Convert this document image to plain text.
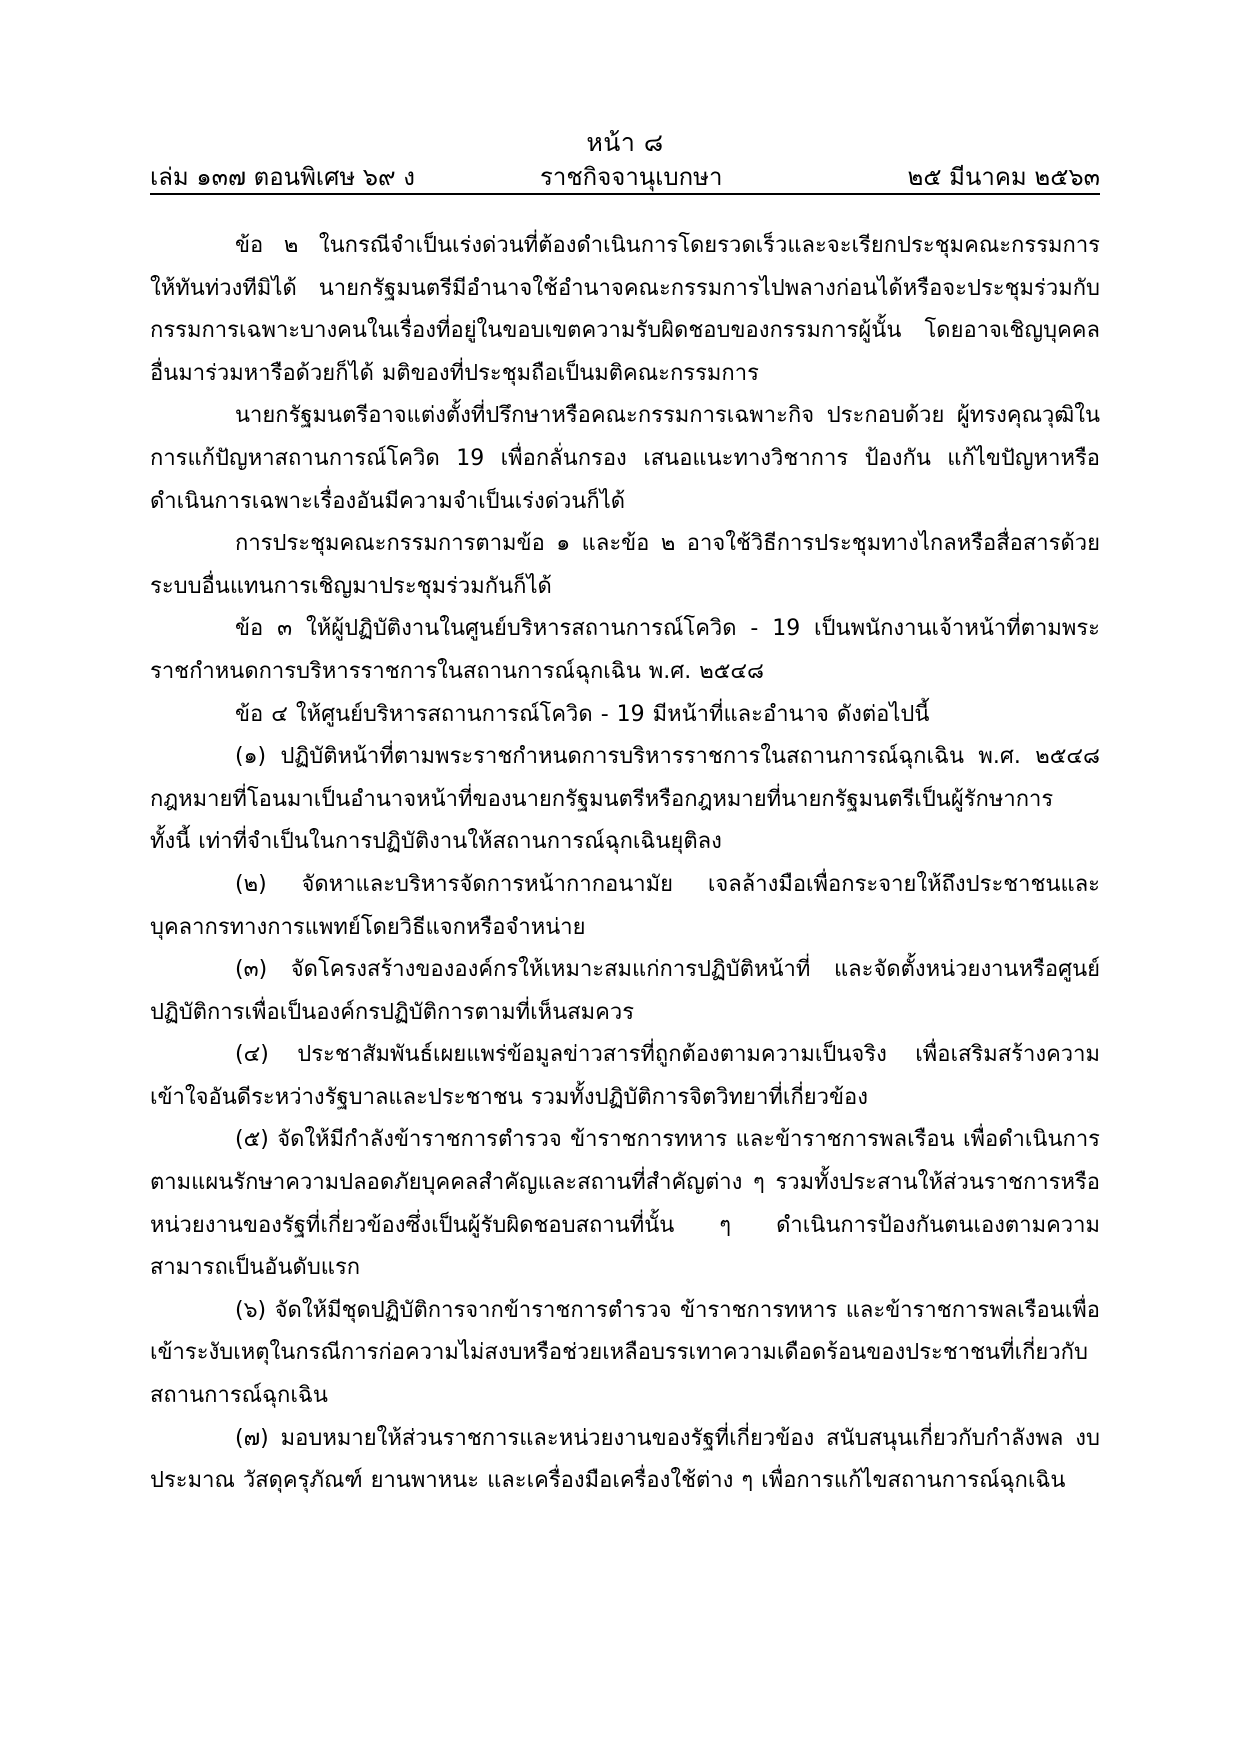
หน้า ๘
เล่ม ๑๓๗ ตอนพิเศษ ๖๙ ง	ราชกิจจานุเบกษา	๒๕ มีนาคม ๒๕๖๓

ข้อ ๒ ในกรณีจำเป็นเร่งด่วนที่ต้องดำเนินการโดยรวดเร็วและจะเรียกประชุมคณะกรรมการให้ทันท่วงทีมิได้ นายกรัฐมนตรีมีอำนาจใช้อำนาจคณะกรรมการไปพลางก่อนได้หรือจะประชุมร่วมกับกรรมการเฉพาะบางคนในเรื่องที่อยู่ในขอบเขตความรับผิดชอบของกรรมการผู้นั้น โดยอาจเชิญบุคคลอื่นมาร่วมหารือด้วยก็ได้ มติของที่ประชุมถือเป็นมติคณะกรรมการ

นายกรัฐมนตรีอาจแต่งตั้งที่ปรึกษาหรือคณะกรรมการเฉพาะกิจ ประกอบด้วย ผู้ทรงคุณวุฒิในการแก้ปัญหาสถานการณ์โควิด 19 เพื่อกลั่นกรอง เสนอแนะทางวิชาการ ป้องกัน แก้ไขปัญหาหรือดำเนินการเฉพาะเรื่องอันมีความจำเป็นเร่งด่วนก็ได้

การประชุมคณะกรรมการตามข้อ ๑ และข้อ ๒ อาจใช้วิธีการประชุมทางไกลหรือสื่อสารด้วยระบบอื่นแทนการเชิญมาประชุมร่วมกันก็ได้

ข้อ ๓ ให้ผู้ปฏิบัติงานในศูนย์บริหารสถานการณ์โควิด - 19 เป็นพนักงานเจ้าหน้าที่ตามพระราชกำหนดการบริหารราชการในสถานการณ์ฉุกเฉิน พ.ศ. ๒๕๔๘

ข้อ ๔ ให้ศูนย์บริหารสถานการณ์โควิด - 19 มีหน้าที่และอำนาจ ดังต่อไปนี้

(๑) ปฏิบัติหน้าที่ตามพระราชกำหนดการบริหารราชการในสถานการณ์ฉุกเฉิน พ.ศ. ๒๕๔๘ กฎหมายที่โอนมาเป็นอำนาจหน้าที่ของนายกรัฐมนตรีหรือกฎหมายที่นายกรัฐมนตรีเป็นผู้รักษาการ ทั้งนี้ เท่าที่จำเป็นในการปฏิบัติงานให้สถานการณ์ฉุกเฉินยุติลง

(๒) จัดหาและบริหารจัดการหน้ากากอนามัย เจลล้างมือเพื่อกระจายให้ถึงประชาชนและบุคลากรทางการแพทย์โดยวิธีแจกหรือจำหน่าย

(๓) จัดโครงสร้างขององค์กรให้เหมาะสมแก่การปฏิบัติหน้าที่ และจัดตั้งหน่วยงานหรือศูนย์ปฏิบัติการเพื่อเป็นองค์กรปฏิบัติการตามที่เห็นสมควร

(๔) ประชาสัมพันธ์เผยแพร่ข้อมูลข่าวสารที่ถูกต้องตามความเป็นจริง เพื่อเสริมสร้างความเข้าใจอันดีระหว่างรัฐบาลและประชาชน รวมทั้งปฏิบัติการจิตวิทยาที่เกี่ยวข้อง

(๕) จัดให้มีกำลังข้าราชการตำรวจ ข้าราชการทหาร และข้าราชการพลเรือน เพื่อดำเนินการตามแผนรักษาความปลอดภัยบุคคลสำคัญและสถานที่สำคัญต่าง ๆ รวมทั้งประสานให้ส่วนราชการหรือหน่วยงานของรัฐที่เกี่ยวข้องซึ่งเป็นผู้รับผิดชอบสถานที่นั้น ๆ ดำเนินการป้องกันตนเองตามความสามารถเป็นอันดับแรก

(๖) จัดให้มีชุดปฏิบัติการจากข้าราชการตำรวจ ข้าราชการทหาร และข้าราชการพลเรือนเพื่อเข้าระงับเหตุในกรณีการก่อความไม่สงบหรือช่วยเหลือบรรเทาความเดือดร้อนของประชาชนที่เกี่ยวกับสถานการณ์ฉุกเฉิน

(๗) มอบหมายให้ส่วนราชการและหน่วยงานของรัฐที่เกี่ยวข้อง สนับสนุนเกี่ยวกับกำลังพล งบประมาณ วัสดุครุภัณฑ์ ยานพาหนะ และเครื่องมือเครื่องใช้ต่าง ๆ เพื่อการแก้ไขสถานการณ์ฉุกเฉิน
